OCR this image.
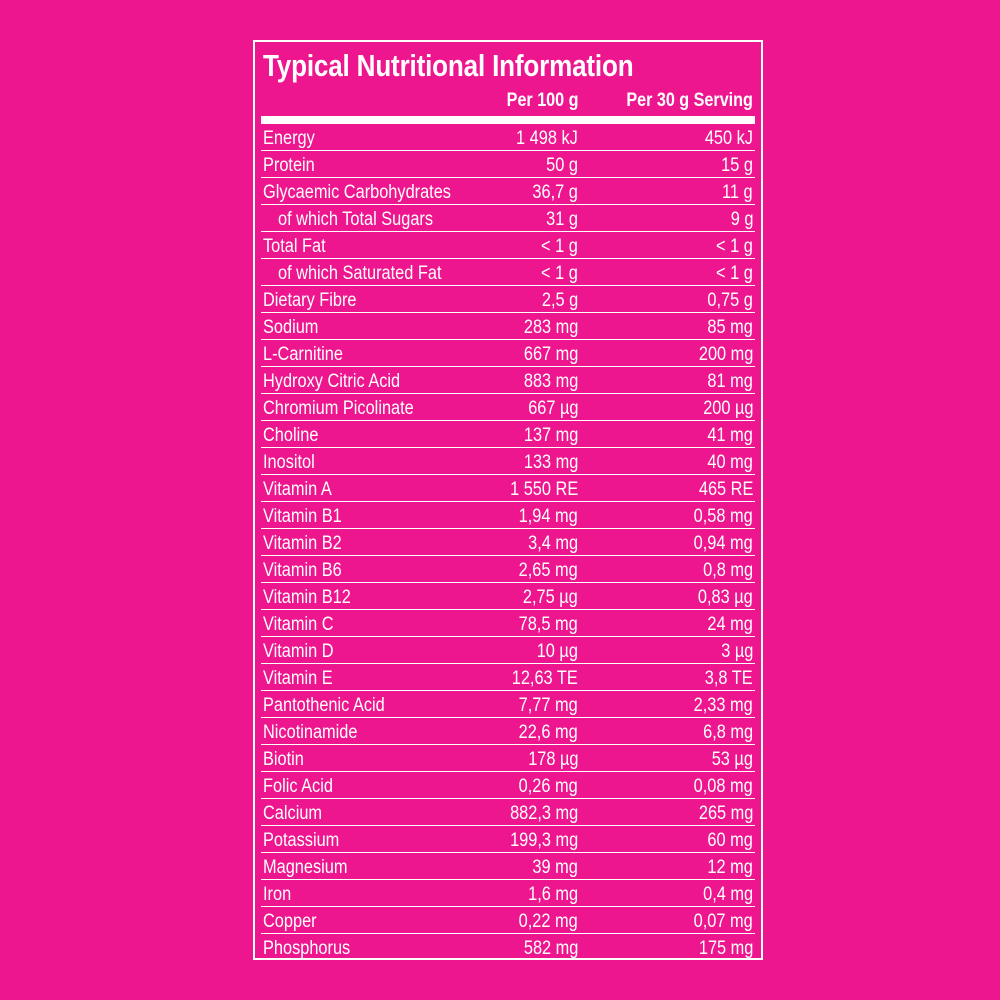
Typical Nutritional Information
Per 100 g	Per 30 g Serving
Energy	1 498 kJ	450 kJ
Protein	50 g	15 g
Glycaemic Carbohydrates	36,7 g	11 g
of which Total Sugars	31 g	9 g
Total Fat	< 1 g	< 1 g
of which Saturated Fat	< 1 g	< 1 g
Dietary Fibre	2,5 g	0,75 g
Sodium	283 mg	85 mg
L-Carnitine	667 mg	200 mg
Hydroxy Citric Acid	883 mg	81 mg
Chromium Picolinate	667 µg	200 µg
Choline	137 mg	41 mg
Inositol	133 mg	40 mg
Vitamin A	1 550 RE	465 RE
Vitamin B1	1,94 mg	0,58 mg
Vitamin B2	3,4 mg	0,94 mg
Vitamin B6	2,65 mg	0,8 mg
Vitamin B12	2,75 µg	0,83 µg
Vitamin C	78,5 mg	24 mg
Vitamin D	10 µg	3 µg
Vitamin E	12,63 TE	3,8 TE
Pantothenic Acid	7,77 mg	2,33 mg
Nicotinamide	22,6 mg	6,8 mg
Biotin	178 µg	53 µg
Folic Acid	0,26 mg	0,08 mg
Calcium	882,3 mg	265 mg
Potassium	199,3 mg	60 mg
Magnesium	39 mg	12 mg
Iron	1,6 mg	0,4 mg
Copper	0,22 mg	0,07 mg
Phosphorus	582 mg	175 mg
